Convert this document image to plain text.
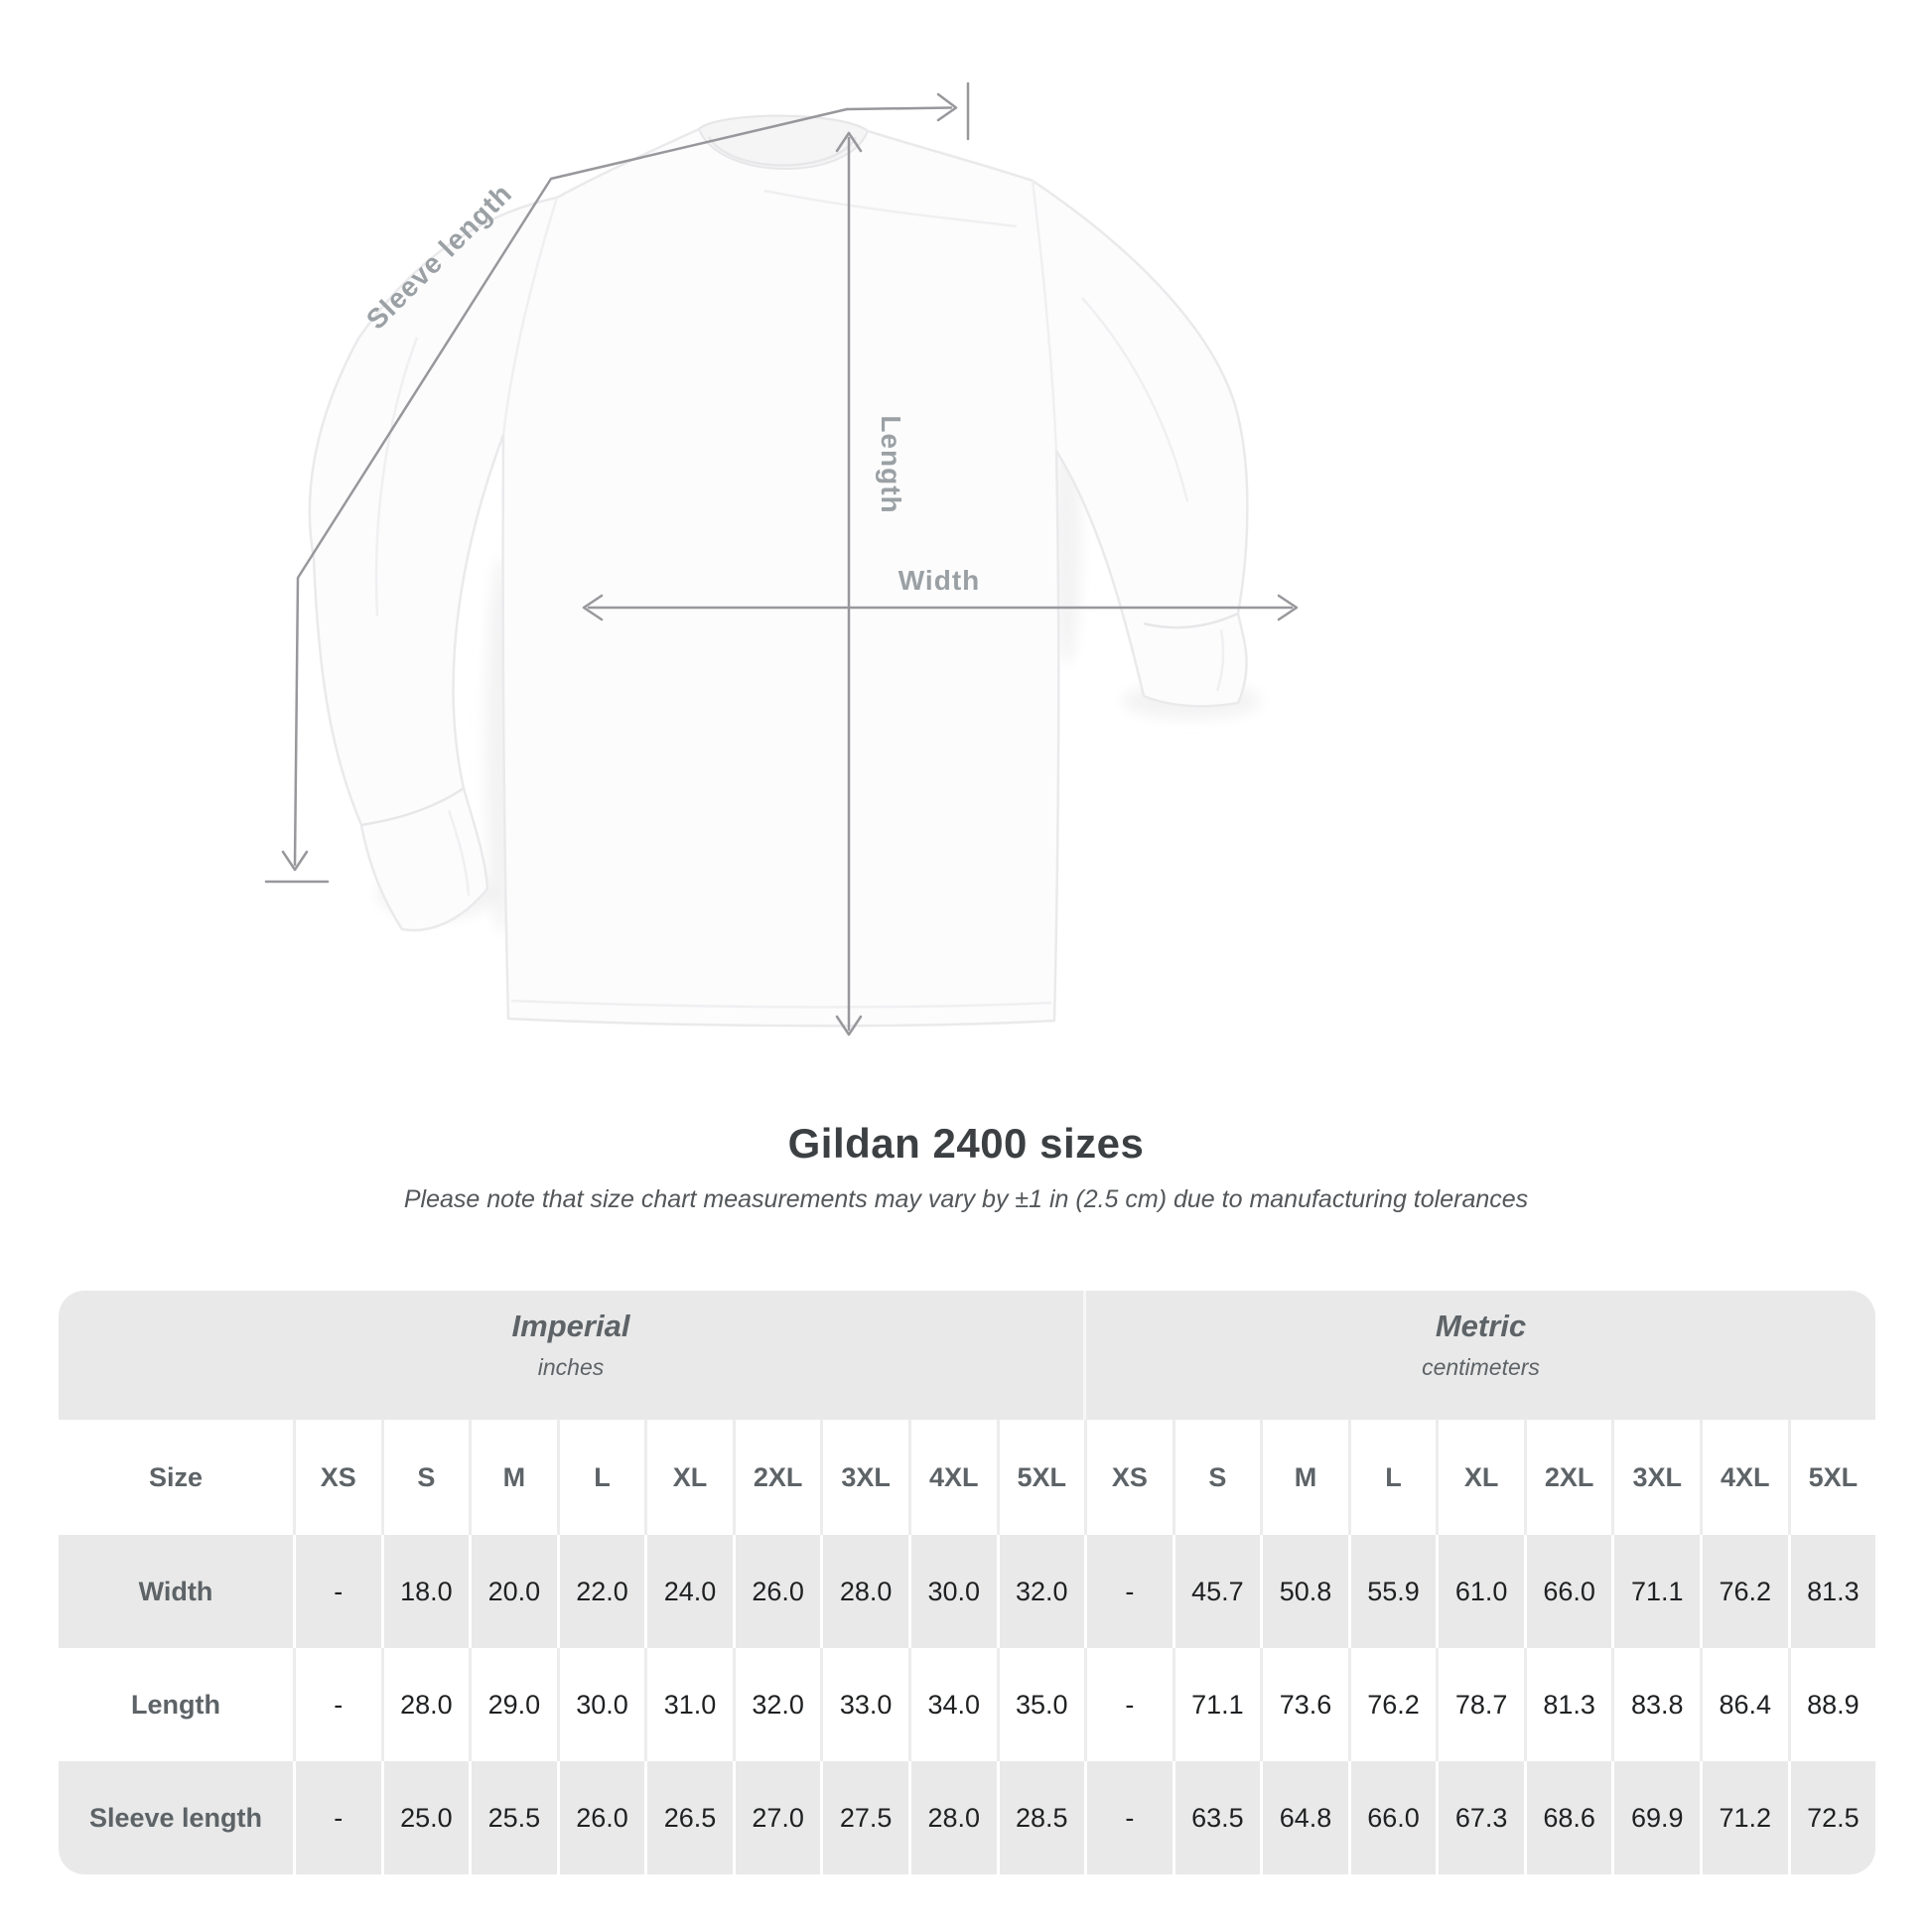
Sleeve length
Length
Width
Gildan 2400 sizes

Please note that size chart measurements may vary by ±1 in (2.5 cm) due to manufacturing tolerances

Imperial
inches
Metric
centimeters
Size	XS	S	M	L	XL	2XL	3XL	4XL	5XL	XS	S	M	L	XL	2XL	3XL	4XL	5XL
Width	-	18.0	20.0	22.0	24.0	26.0	28.0	30.0	32.0	-	45.7	50.8	55.9	61.0	66.0	71.1	76.2	81.3
Length	-	28.0	29.0	30.0	31.0	32.0	33.0	34.0	35.0	-	71.1	73.6	76.2	78.7	81.3	83.8	86.4	88.9
Sleeve length	-	25.0	25.5	26.0	26.5	27.0	27.5	28.0	28.5	-	63.5	64.8	66.0	67.3	68.6	69.9	71.2	72.5
